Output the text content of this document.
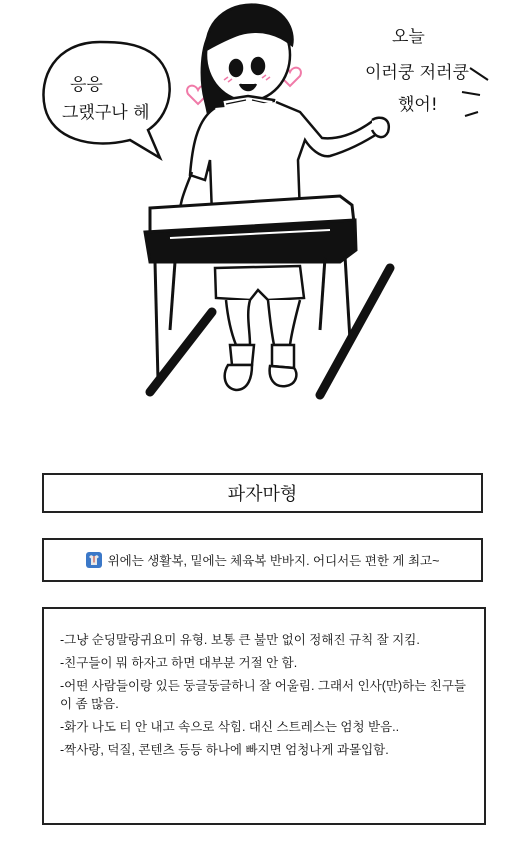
응응
그랬구나 헤
오늘
이러쿵 저러쿵
했어!
파자마형
위에는 생활복, 밑에는 체육복 반바지. 어디서든 편한 게 최고~
-그냥 순딩말랑귀요미 유형. 보통 큰 불만 없이 정해진 규칙 잘 지킴.
-친구들이 뭐 하자고 하면 대부분 거절 안 함.
-어떤 사람들이랑 있든 둥글둥글하니 잘 어울림. 그래서 인사(만)하는 친구들이 좀 많음.
-화가 나도 티 안 내고 속으로 삭힘. 대신 스트레스는 엄청 받음..
-짝사랑, 덕질, 콘텐츠 등등 하나에 빠지면 엄청나게 과몰입함.
